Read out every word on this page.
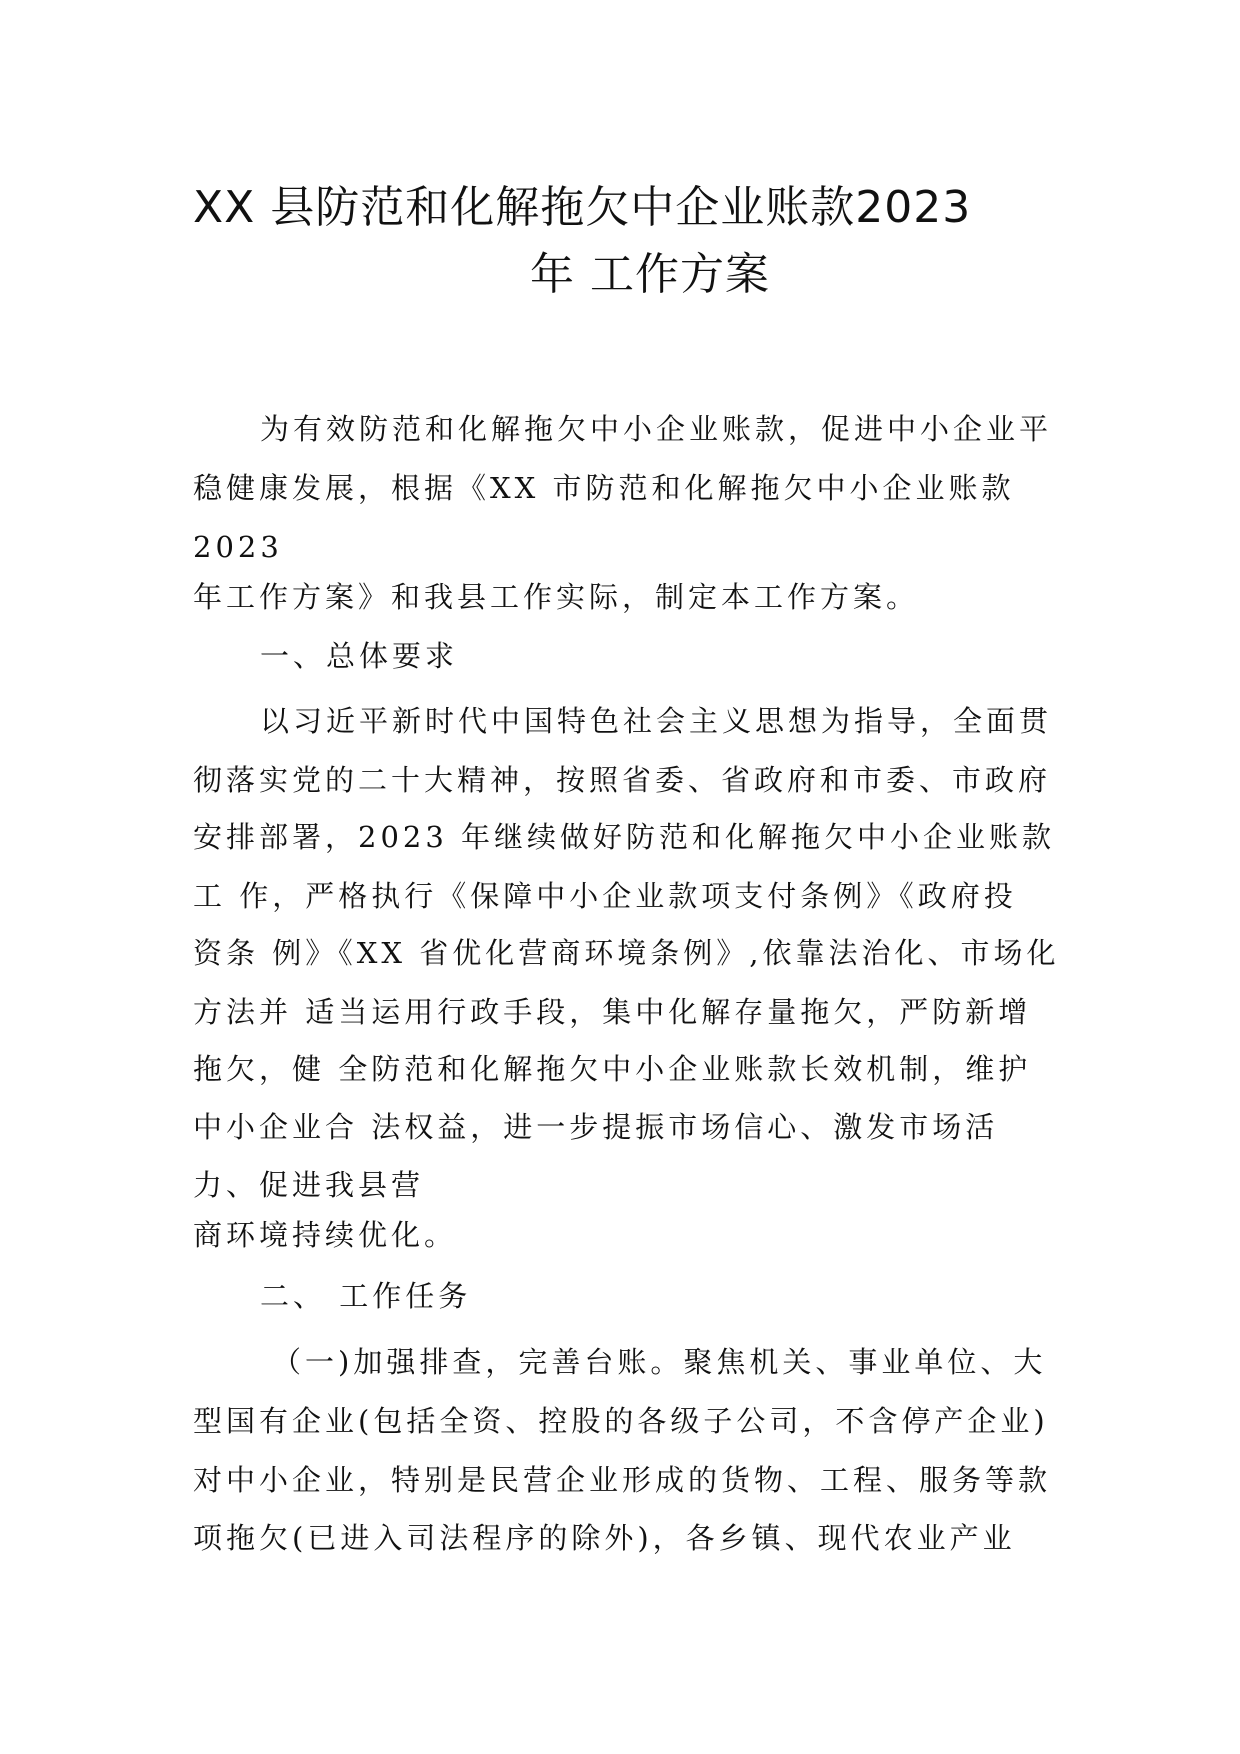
XX 县防范和化解拖欠中企业账款2023
年 工作方案
为有效防范和化解拖欠中小企业账款，促进中小企业平
稳健康发展，根据《XX 市防范和化解拖欠中小企业账款
2023
年工作方案》和我县工作实际，制定本工作方案。
一、总体要求
以习近平新时代中国特色社会主义思想为指导，全面贯
彻落实党的二十大精神，按照省委、省政府和市委、市政府
安排部署，2023 年继续做好防范和化解拖欠中小企业账款
工 作，严格执行《保障中小企业款项支付条例》《政府投
资条 例》《XX 省优化营商环境条例》,依靠法治化、市场化
方法并 适当运用行政手段，集中化解存量拖欠，严防新增
拖欠，健 全防范和化解拖欠中小企业账款长效机制，维护
中小企业合 法权益，进一步提振市场信心、激发市场活
力、促进我县营
商环境持续优化。
二、 工作任务
（一)加强排查，完善台账。聚焦机关、事业单位、大
型国有企业(包括全资、控股的各级子公司，不含停产企业)
对中小企业，特别是民营企业形成的货物、工程、服务等款
项拖欠(已进入司法程序的除外)，各乡镇、现代农业产业
